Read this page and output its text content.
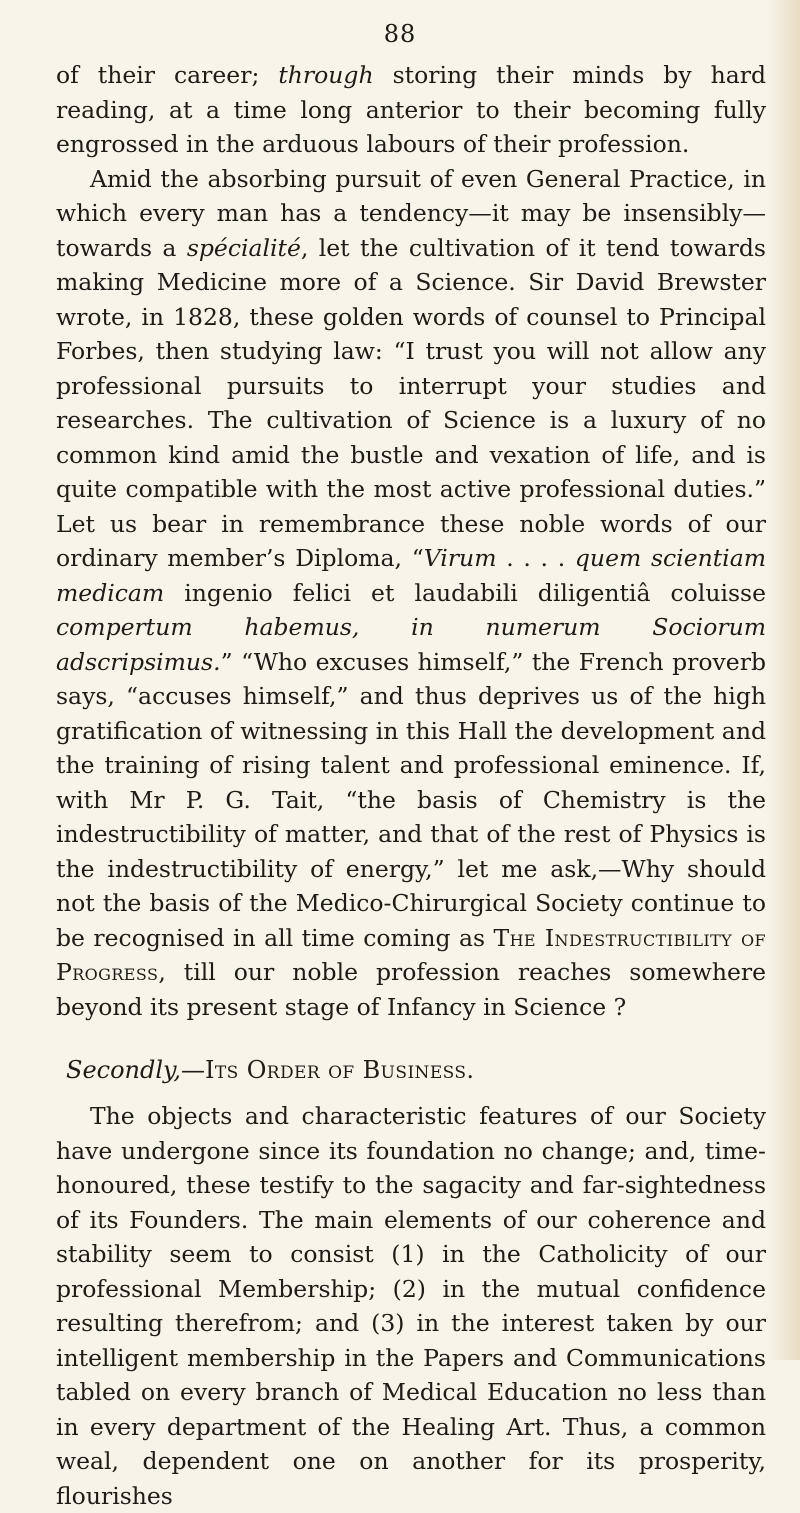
88

of their career; through storing their minds by hard reading, at a time long anterior to their becoming fully engrossed in the arduous labours of their profession.

Amid the absorbing pursuit of even General Practice, in which every man has a tendency—it may be insensibly—towards a spécialité, let the cultivation of it tend towards making Medicine more of a Science. Sir David Brewster wrote, in 1828, these golden words of counsel to Principal Forbes, then studying law: “I trust you will not allow any professional pursuits to interrupt your studies and researches. The cultivation of Science is a luxury of no common kind amid the bustle and vexation of life, and is quite compatible with the most active professional duties.” Let us bear in remembrance these noble words of our ordinary member’s Diploma, “Virum . . . . quem scientiam medicam ingenio felici et laudabili diligentiâ coluisse compertum habemus, in numerum Sociorum adscripsimus.” “Who excuses himself,” the French proverb says, “accuses himself,” and thus deprives us of the high gratification of witnessing in this Hall the development and the training of rising talent and professional eminence. If, with Mr P. G. Tait, “the basis of Chemistry is the indestructibility of matter, and that of the rest of Physics is the indestructibility of energy,” let me ask,—Why should not the basis of the Medico-Chirurgical Society continue to be recognised in all time coming as The Indestructibility of Progress, till our noble profession reaches somewhere beyond its present stage of Infancy in Science ?

Secondly,—Its Order of Business.

The objects and characteristic features of our Society have undergone since its foundation no change; and, time-honoured, these testify to the sagacity and far-sightedness of its Founders. The main elements of our coherence and stability seem to consist (1) in the Catholicity of our professional Membership; (2) in the mutual confidence resulting therefrom; and (3) in the interest taken by our intelligent membership in the Papers and Communications tabled on every branch of Medical Education no less than in every department of the Healing Art. Thus, a common weal, dependent one on another for its prosperity, flourishes
